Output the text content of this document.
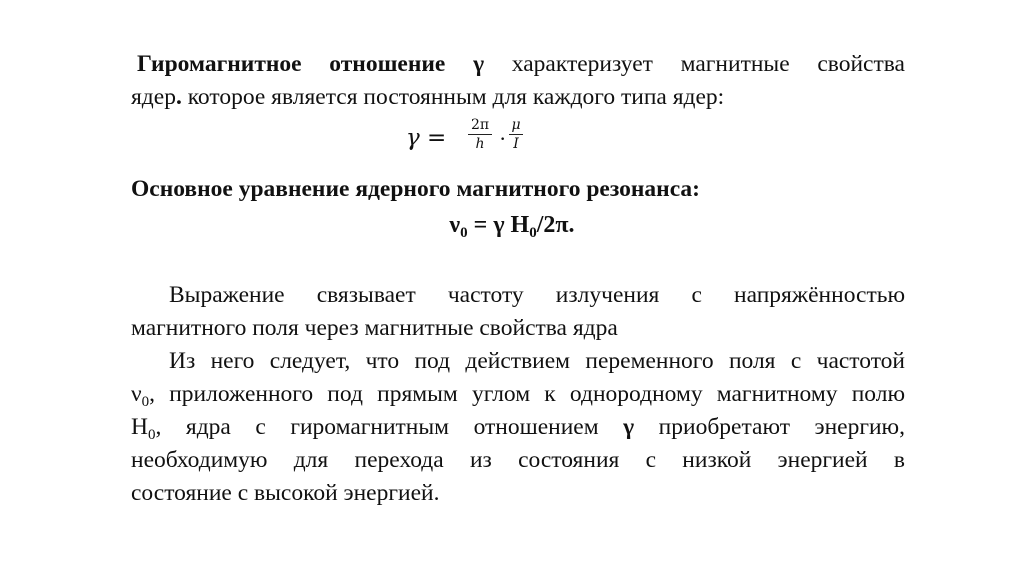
Гиромагнитное отношение γ характеризует магнитные свойства
ядер. которое является постоянным для каждого типа ядер:
$\gamma = \frac{2\pi}{h} \cdot \frac{\mu}{I}$
Основное уравнение ядерного магнитного резонанса:
$\nu_0 = \gamma$ $H_0/2\pi$.
Выражение связывает частоту излучения с напряжённостью
магнитного поля через магнитные свойства ядра
Из него следует, что под действием переменного поля с частотой
$\nu_0$, приложенного под прямым углом к однородному магнитному полю
$H_0$, ядра с гиромагнитным отношением γ приобретают энергию,
необходимую для перехода из состояния с низкой энергией в
состояние с высокой энергией.
